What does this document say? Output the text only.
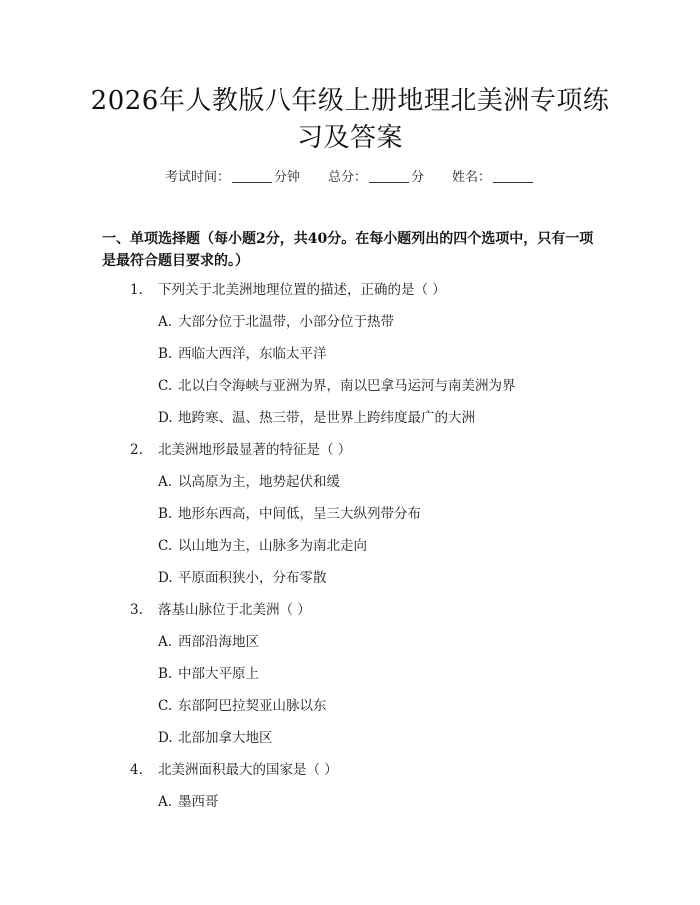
2026年人教版八年级上册地理北美洲专项练
习及答案
考试时间：	分钟 总分：	分 姓名：
一、单项选择题（每小题2分，共40分。在每小题列出的四个选项中，只有一项
是最符合题目要求的。）
1. 下列关于北美洲地理位置的描述，正确的是（ ）
A. 大部分位于北温带，小部分位于热带
B. 西临大西洋，东临太平洋
C. 北以白令海峡与亚洲为界，南以巴拿马运河与南美洲为界
D. 地跨寒、温、热三带，是世界上跨纬度最广的大洲
2. 北美洲地形最显著的特征是（ ）
A. 以高原为主，地势起伏和缓
B. 地形东西高，中间低，呈三大纵列带分布
C. 以山地为主，山脉多为南北走向
D. 平原面积狭小，分布零散
3. 落基山脉位于北美洲（ ）
A. 西部沿海地区
B. 中部大平原上
C. 东部阿巴拉契亚山脉以东
D. 北部加拿大地区
4. 北美洲面积最大的国家是（ ）
A. 墨西哥
